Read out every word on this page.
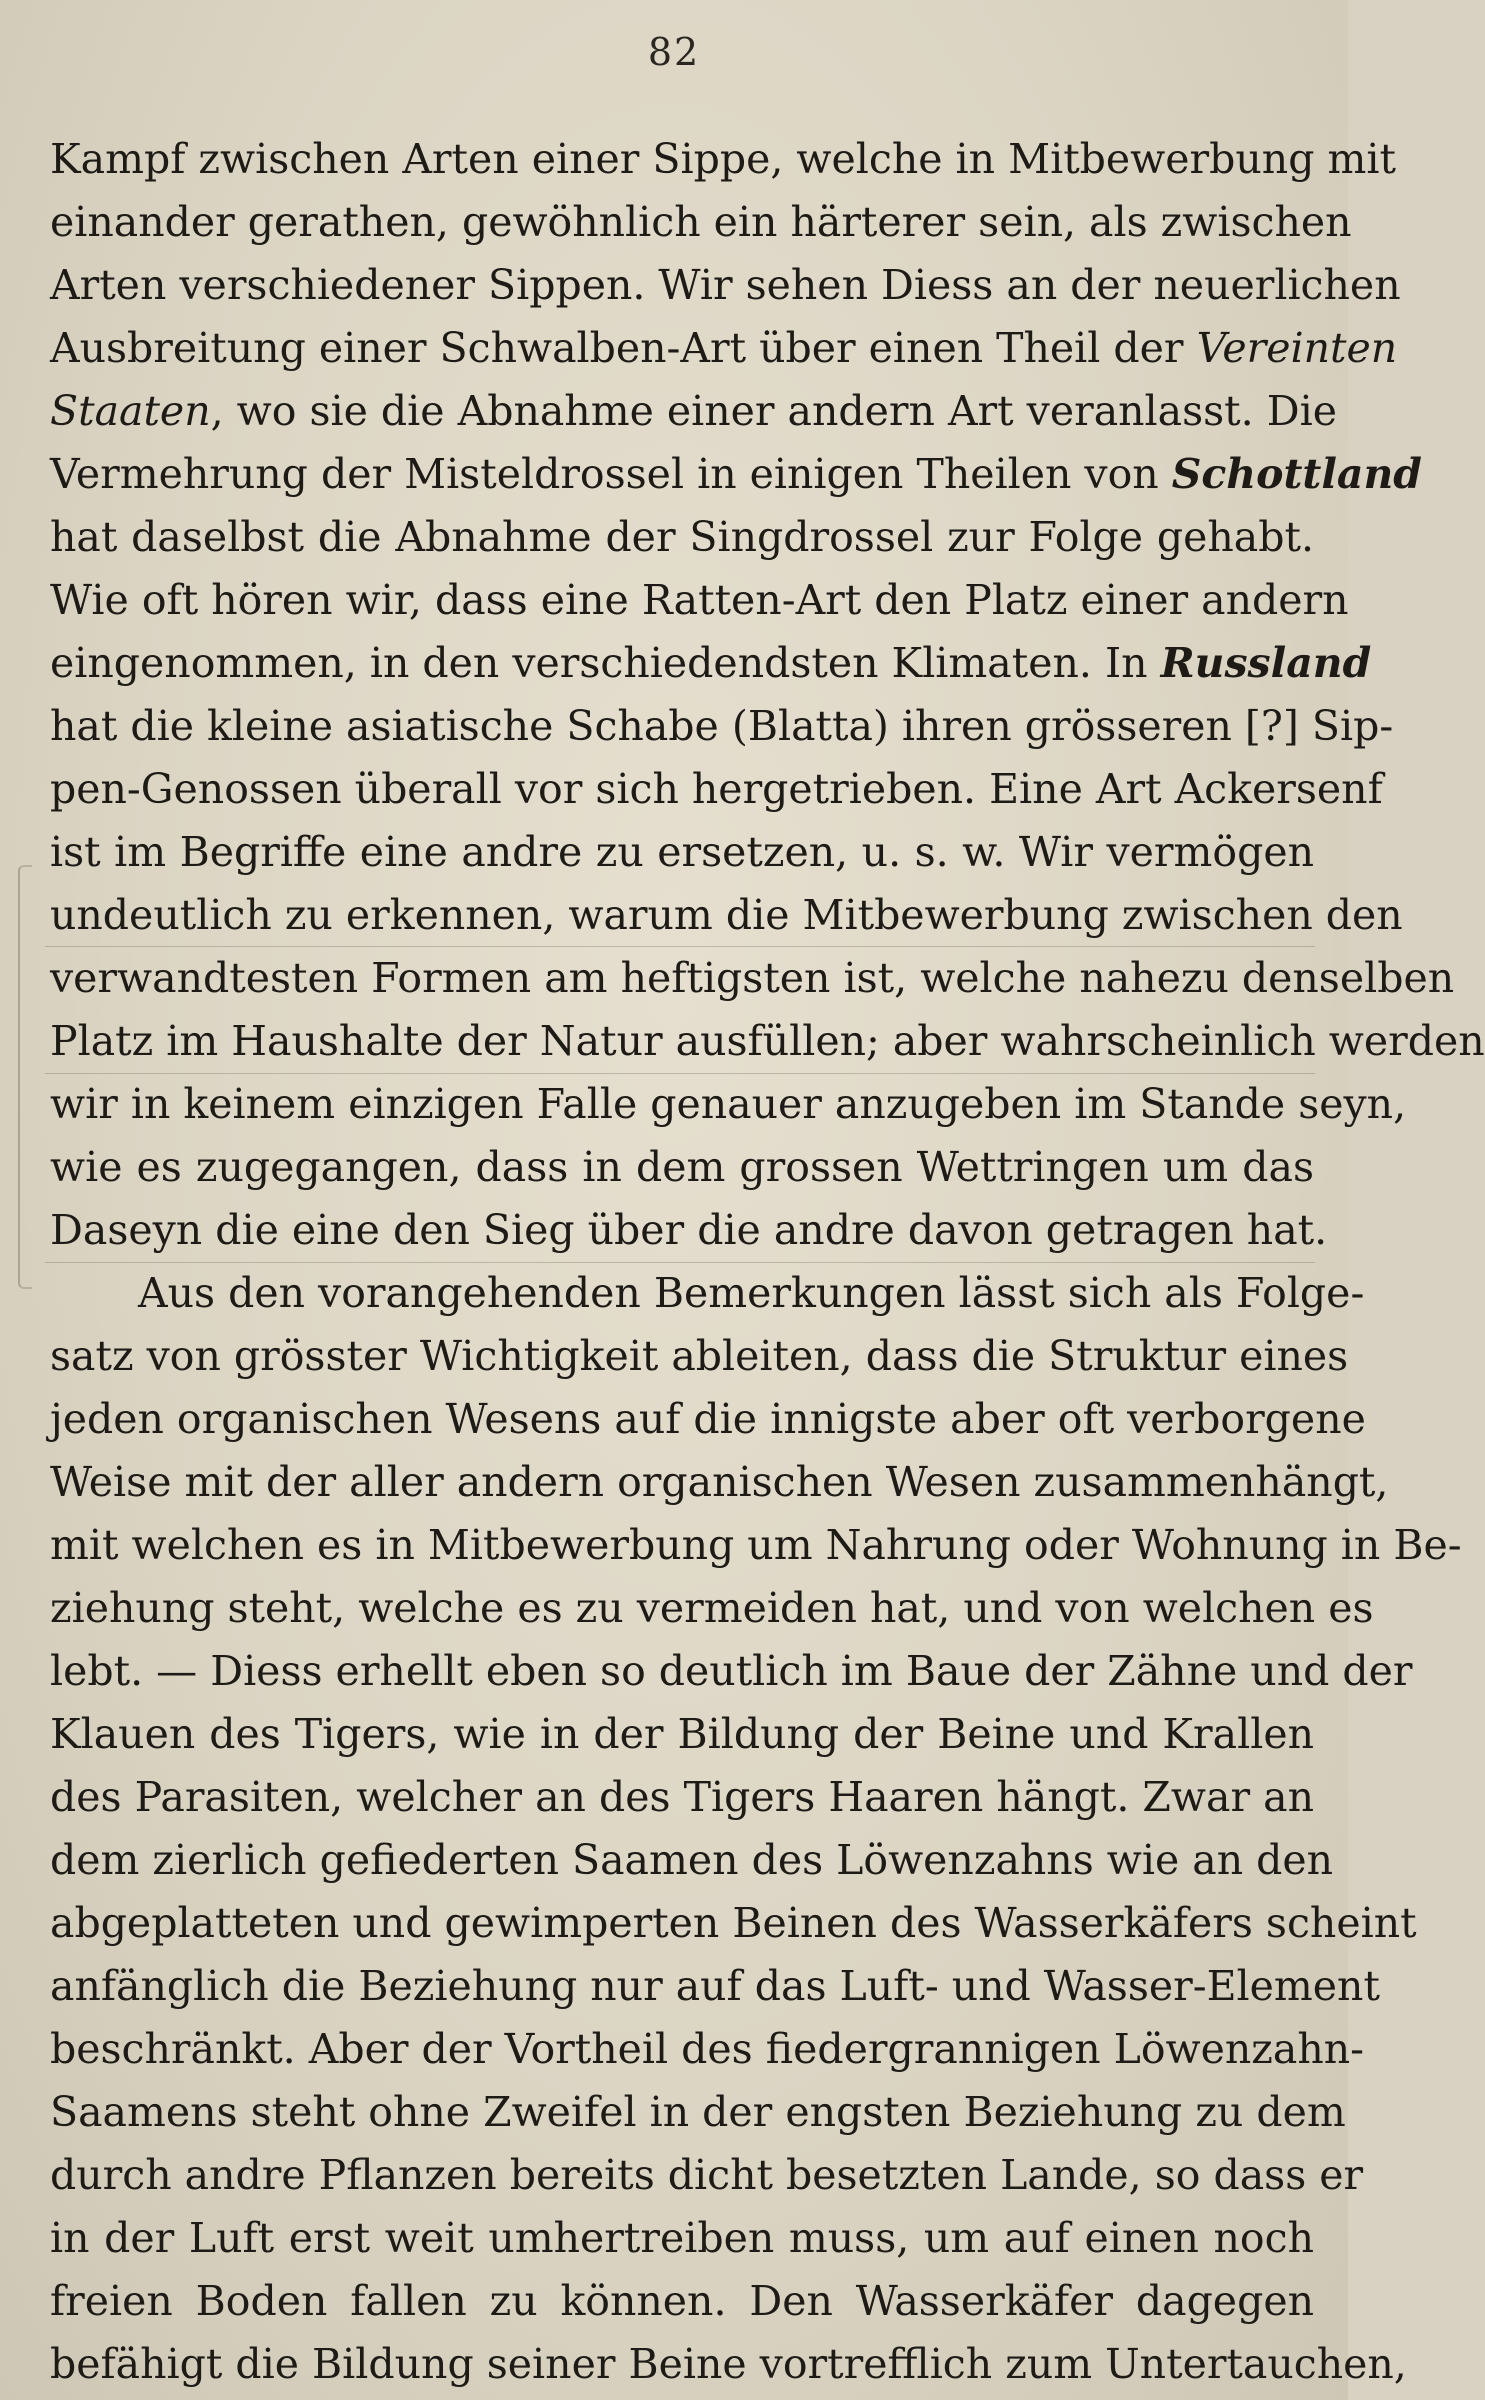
82
Kampf zwischen Arten einer Sippe, welche in Mitbewerbung mit
einander gerathen, gewöhnlich ein härterer sein, als zwischen
Arten verschiedener Sippen. Wir sehen Diess an der neuerlichen
Ausbreitung einer Schwalben-Art über einen Theil der Vereinten
Staaten, wo sie die Abnahme einer andern Art veranlasst. Die
Vermehrung der Misteldrossel in einigen Theilen von Schottland
hat daselbst die Abnahme der Singdrossel zur Folge gehabt.
Wie oft hören wir, dass eine Ratten-Art den Platz einer andern
eingenommen, in den verschiedendsten Klimaten. In Russland
hat die kleine asiatische Schabe (Blatta) ihren grösseren [?] Sip-
pen-Genossen überall vor sich hergetrieben. Eine Art Ackersenf
ist im Begriffe eine andre zu ersetzen, u. s. w. Wir vermögen
undeutlich zu erkennen, warum die Mitbewerbung zwischen den
verwandtesten Formen am heftigsten ist, welche nahezu denselben
Platz im Haushalte der Natur ausfüllen; aber wahrscheinlich werden
wir in keinem einzigen Falle genauer anzugeben im Stande seyn,
wie es zugegangen, dass in dem grossen Wettringen um das
Daseyn die eine den Sieg über die andre davon getragen hat.
Aus den vorangehenden Bemerkungen lässt sich als Folge-
satz von grösster Wichtigkeit ableiten, dass die Struktur eines
jeden organischen Wesens auf die innigste aber oft verborgene
Weise mit der aller andern organischen Wesen zusammenhängt,
mit welchen es in Mitbewerbung um Nahrung oder Wohnung in Be-
ziehung steht, welche es zu vermeiden hat, und von welchen es
lebt. — Diess erhellt eben so deutlich im Baue der Zähne und der
Klauen des Tigers, wie in der Bildung der Beine und Krallen
des Parasiten, welcher an des Tigers Haaren hängt. Zwar an
dem zierlich gefiederten Saamen des Löwenzahns wie an den
abgeplatteten und gewimperten Beinen des Wasserkäfers scheint
anfänglich die Beziehung nur auf das Luft- und Wasser-Element
beschränkt. Aber der Vortheil des fiedergrannigen Löwenzahn-
Saamens steht ohne Zweifel in der engsten Beziehung zu dem
durch andre Pflanzen bereits dicht besetzten Lande, so dass er
in der Luft erst weit umhertreiben muss, um auf einen noch
freien Boden fallen zu können. Den Wasserkäfer dagegen
befähigt die Bildung seiner Beine vortrefflich zum Untertauchen,
